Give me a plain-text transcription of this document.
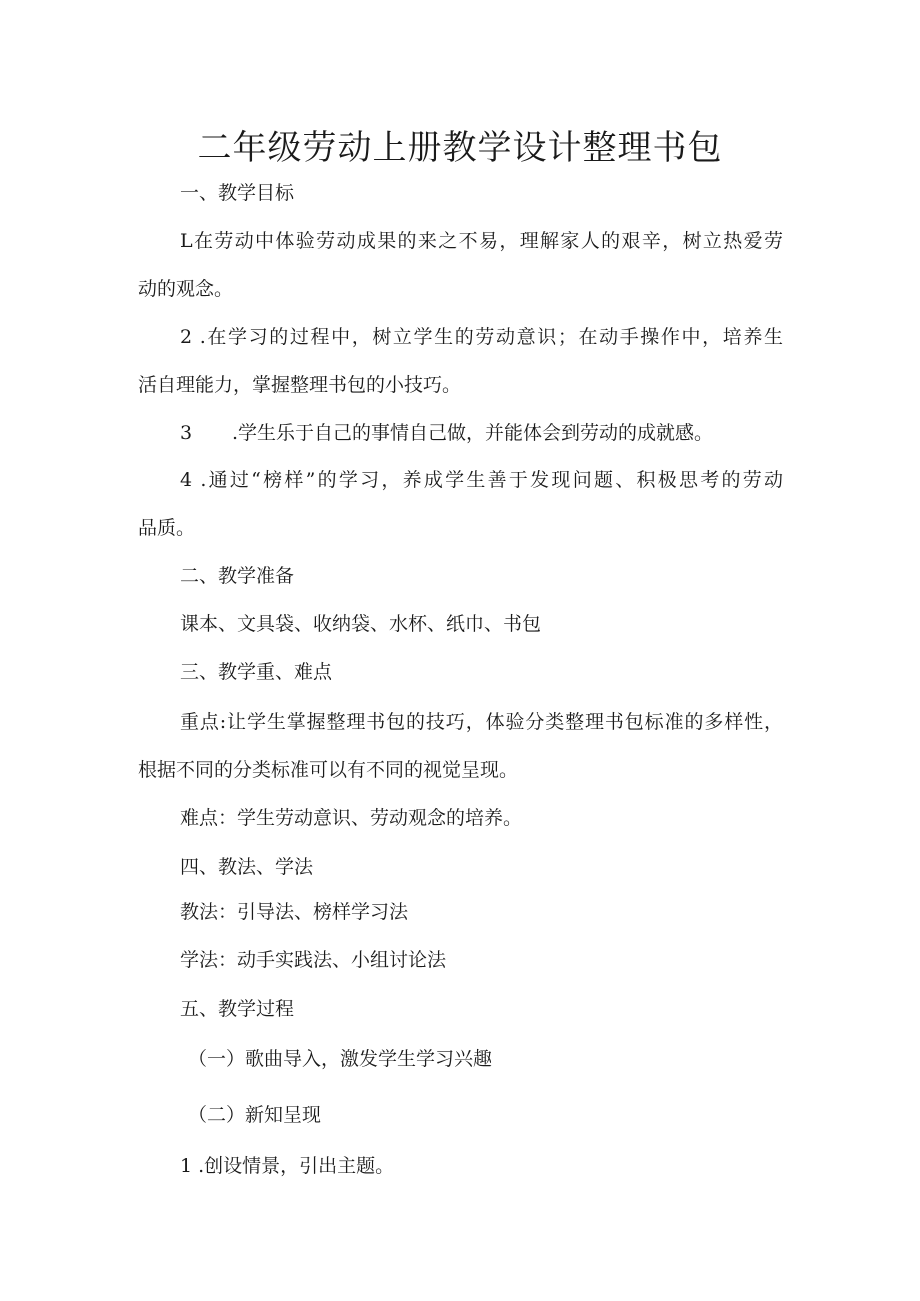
二年级劳动上册教学设计整理书包
一、教学目标
L在劳动中体验劳动成果的来之不易，理解家人的艰辛，树立热爱劳
动的观念。
2 .在学习的过程中，树立学生的劳动意识；在动手操作中，培养生
活自理能力，掌握整理书包的小技巧。
3 .学生乐于自己的事情自己做，并能体会到劳动的成就感。
4 .通过“榜样”的学习，养成学生善于发现问题、积极思考的劳动
品质。
二、教学准备
课本、文具袋、收纳袋、水杯、纸巾、书包
三、教学重、难点
重点:让学生掌握整理书包的技巧，体验分类整理书包标准的多样性，
根据不同的分类标准可以有不同的视觉呈现。
难点：学生劳动意识、劳动观念的培养。
四、教法、学法
教法：引导法、榜样学习法
学法：动手实践法、小组讨论法
五、教学过程
（一）歌曲导入，激发学生学习兴趣
（二）新知呈现
1 .创设情景，引出主题。
